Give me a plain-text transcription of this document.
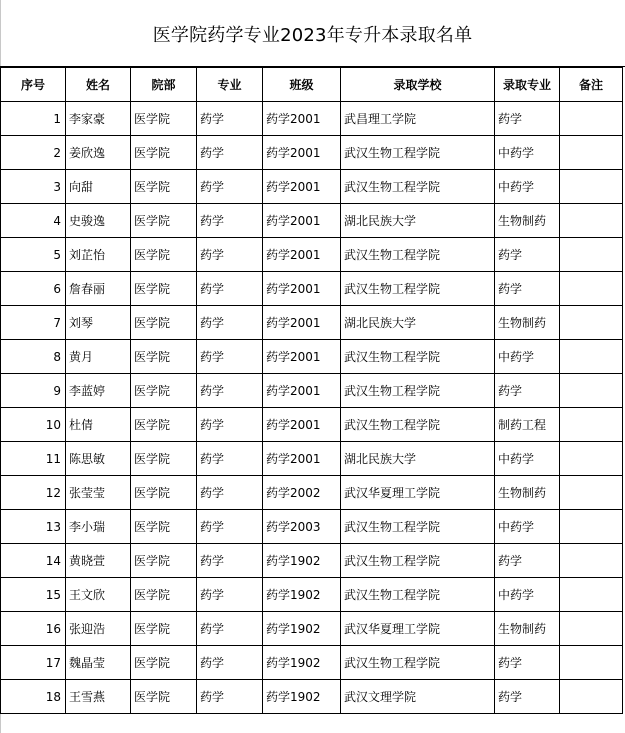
医学院药学专业2023年专升本录取名单
序号	姓名	院部	专业	班级	录取学校	录取专业	备注
1	李家豪	医学院	药学	药学2001	武昌理工学院	药学	
2	姜欣逸	医学院	药学	药学2001	武汉生物工程学院	中药学	
3	向甜	医学院	药学	药学2001	武汉生物工程学院	中药学	
4	史骏逸	医学院	药学	药学2001	湖北民族大学	生物制药	
5	刘芷怡	医学院	药学	药学2001	武汉生物工程学院	药学	
6	詹春丽	医学院	药学	药学2001	武汉生物工程学院	药学	
7	刘琴	医学院	药学	药学2001	湖北民族大学	生物制药	
8	黄月	医学院	药学	药学2001	武汉生物工程学院	中药学	
9	李蓝婷	医学院	药学	药学2001	武汉生物工程学院	药学	
10	杜倩	医学院	药学	药学2001	武汉生物工程学院	制药工程	
11	陈思敏	医学院	药学	药学2001	湖北民族大学	中药学	
12	张莹莹	医学院	药学	药学2002	武汉华夏理工学院	生物制药	
13	李小瑞	医学院	药学	药学2003	武汉生物工程学院	中药学	
14	黄晓萱	医学院	药学	药学1902	武汉生物工程学院	药学	
15	王文欣	医学院	药学	药学1902	武汉生物工程学院	中药学	
16	张迎浩	医学院	药学	药学1902	武汉华夏理工学院	生物制药	
17	魏晶莹	医学院	药学	药学1902	武汉生物工程学院	药学	
18	王雪燕	医学院	药学	药学1902	武汉文理学院	药学	
